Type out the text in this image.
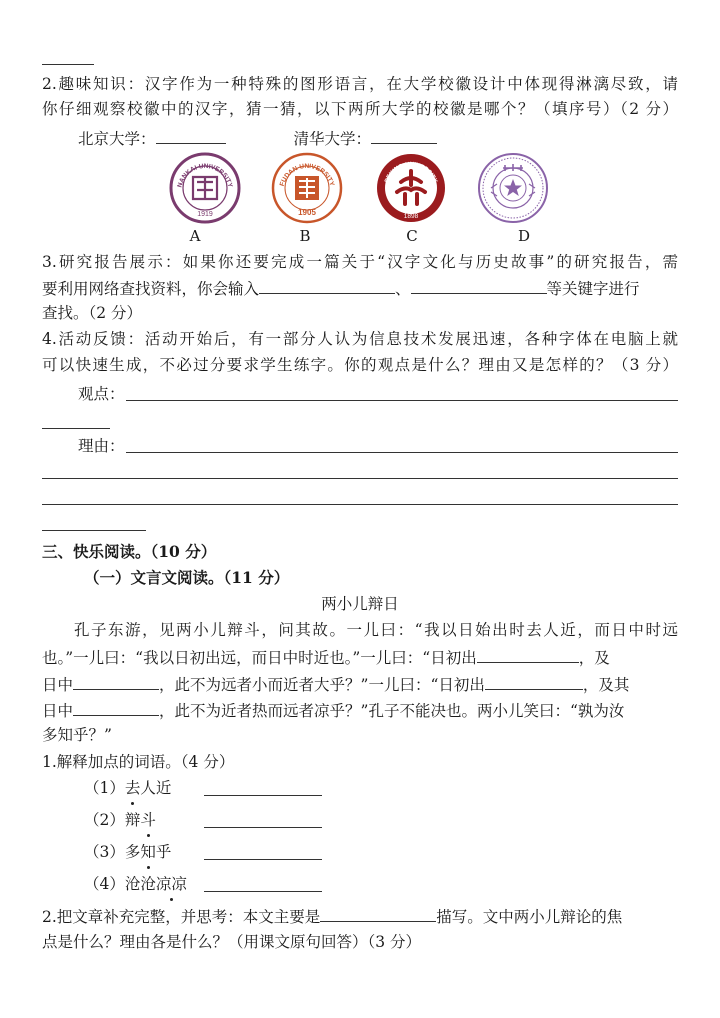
2.趣味知识：汉字作为一种特殊的图形语言，在大学校徽设计中体现得淋漓尽致，请
你仔细观察校徽中的汉字，猜一猜，以下两所大学的校徽是哪个？（填序号）（2 分）
北京大学：	清华大学：
NANKAI UNIVERSITY
1919
FUDAN UNIVERSITY
1905
PEKING UNIVERSITY
1898
A	B	C	D
3.研究报告展示：如果你还要完成一篇关于“汉字文化与历史故事”的研究报告，需
要利用网络查找资料，你会输入	、	等关键字进行
查找。（2 分）
4.活动反馈：活动开始后，有一部分人认为信息技术发展迅速，各种字体在电脑上就
可以快速生成，不必过分要求学生练字。你的观点是什么？理由又是怎样的？（3 分）
观点：
理由：
三、快乐阅读。（10 分）
（一）文言文阅读。（11 分）
两小儿辩日
孔子东游，见两小儿辩斗，问其故。一儿曰：“我以日始出时去人近，而日中时远
也。”一儿曰：“我以日初出远，而日中时近也。”一儿曰：“日初出	，及
日中	，此不为远者小而近者大乎？”一儿曰：“日初出	，及其
日中	，此不为近者热而远者凉乎？”孔子不能决也。两小儿笑曰：“孰为汝
多知乎？”
1.解释加点的词语。（4 分）
（1）去人近
（2）辩斗
（3）多知乎
（4）沧沧凉凉
2.把文章补充完整，并思考：本文主要是	描写。文中两小儿辩论的焦
点是什么？理由各是什么？（用课文原句回答）（3 分）
